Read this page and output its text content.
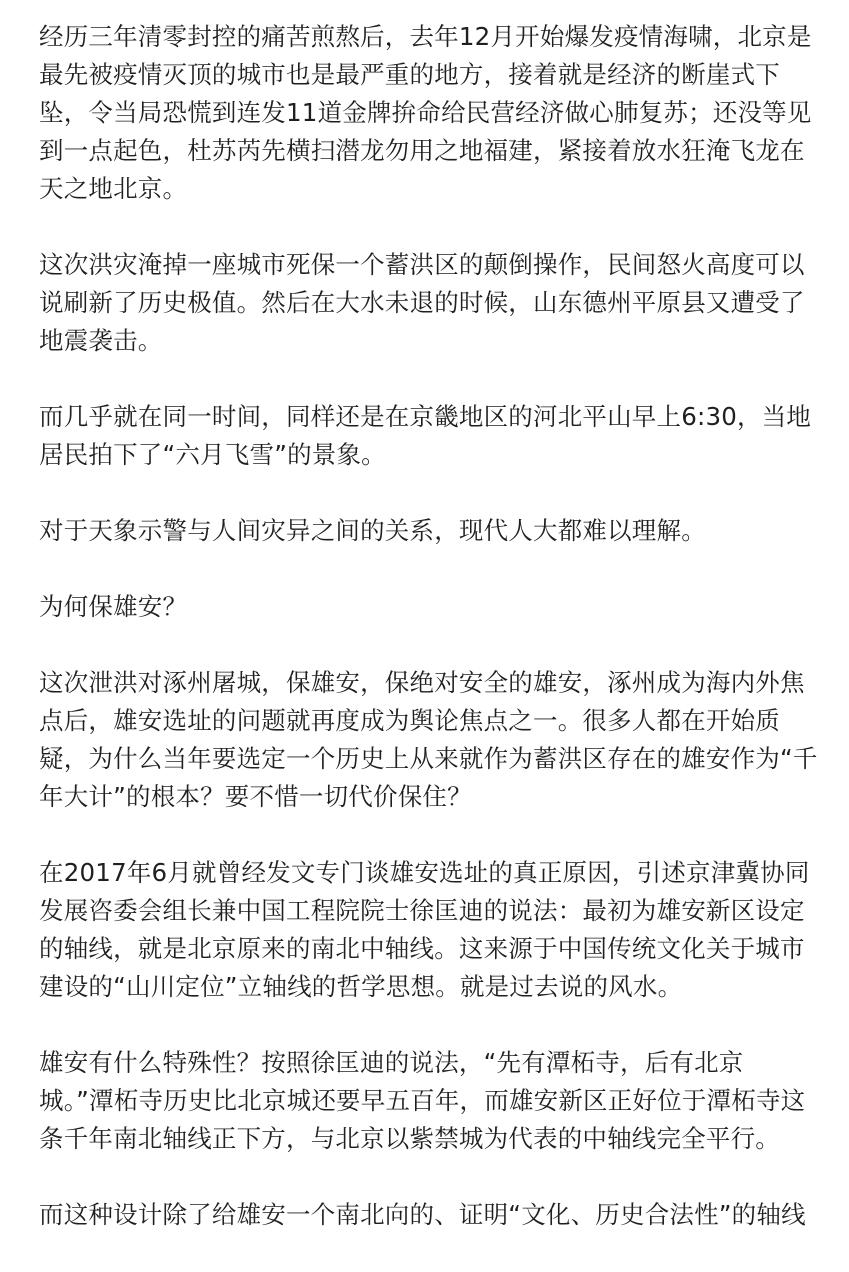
经历三年清零封控的痛苦煎熬后，去年12月开始爆发疫情海啸，北京是
最先被疫情灭顶的城市也是最严重的地方，接着就是经济的断崖式下
坠，令当局恐慌到连发11道金牌拚命给民营经济做心肺复苏；还没等见
到一点起色，杜苏芮先横扫潜龙勿用之地福建，紧接着放水狂淹飞龙在
天之地北京。

这次洪灾淹掉一座城市死保一个蓄洪区的颠倒操作，民间怒火高度可以
说刷新了历史极值。然后在大水未退的时候，山东德州平原县又遭受了
地震袭击。

而几乎就在同一时间，同样还是在京畿地区的河北平山早上6:30，当地
居民拍下了“六月飞雪”的景象。

对于天象示警与人间灾异之间的关系，现代人大都难以理解。

为何保雄安？

这次泄洪对涿州屠城，保雄安，保绝对安全的雄安，涿州成为海内外焦
点后，雄安选址的问题就再度成为舆论焦点之一。很多人都在开始质
疑，为什么当年要选定一个历史上从来就作为蓄洪区存在的雄安作为“千
年大计”的根本？要不惜一切代价保住？

在2017年6月就曾经发文专门谈雄安选址的真正原因，引述京津冀协同
发展咨委会组长兼中国工程院院士徐匡迪的说法：最初为雄安新区设定
的轴线，就是北京原来的南北中轴线。这来源于中国传统文化关于城市
建设的“山川定位”立轴线的哲学思想。就是过去说的风水。

雄安有什么特殊性？按照徐匡迪的说法，“先有潭柘寺，后有北京
城。”潭柘寺历史比北京城还要早五百年，而雄安新区正好位于潭柘寺这
条千年南北轴线正下方，与北京以紫禁城为代表的中轴线完全平行。

而这种设计除了给雄安一个南北向的、证明“文化、历史合法性”的轴线
